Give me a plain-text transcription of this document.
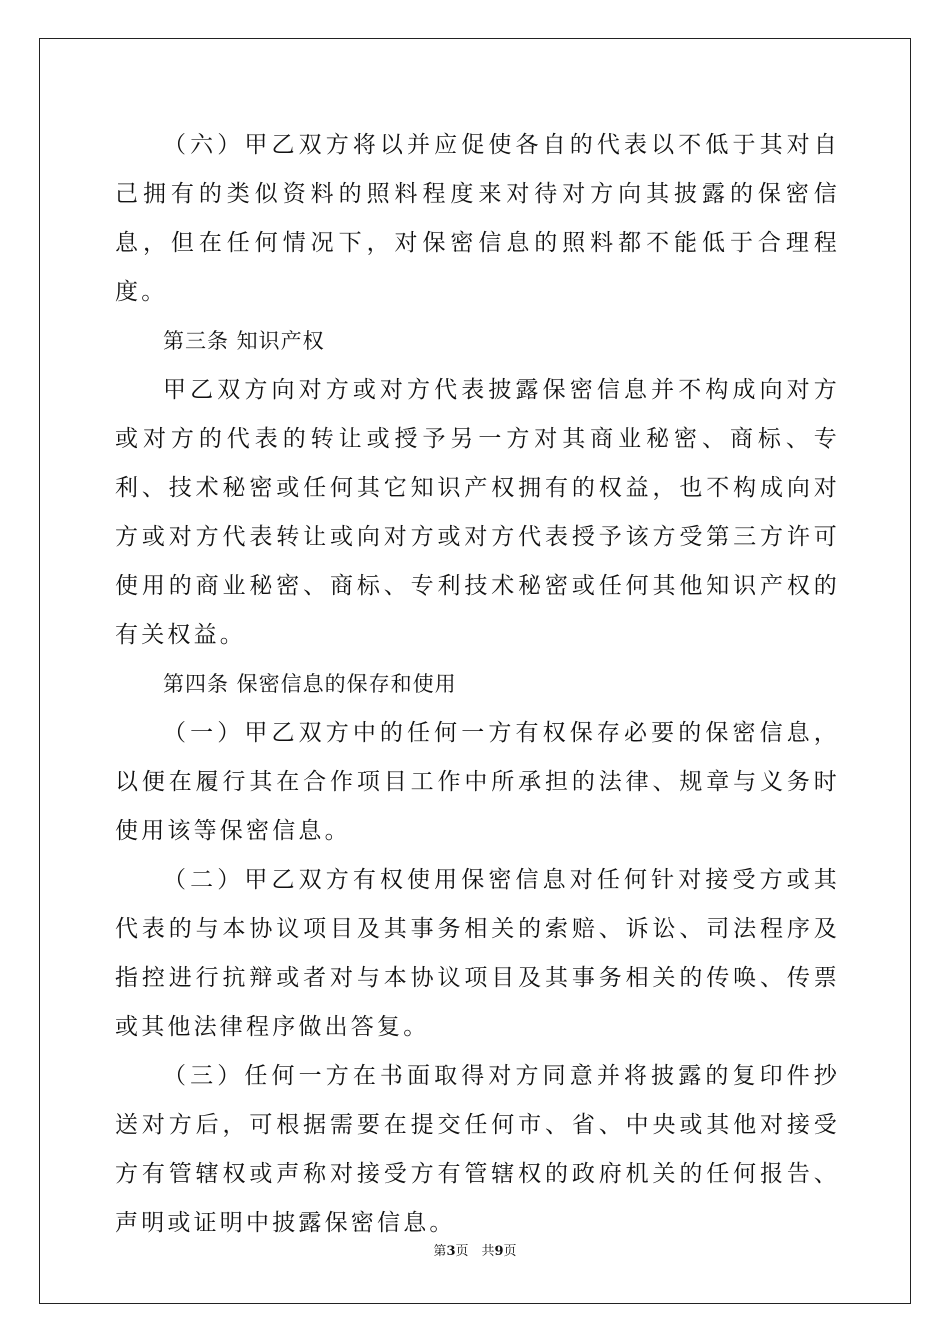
（六）甲乙双方将以并应促使各自的代表以不低于其对自己拥有的类似资料的照料程度来对待对方向其披露的保密信息，但在任何情况下，对保密信息的照料都不能低于合理程度。

第三条 知识产权

甲乙双方向对方或对方代表披露保密信息并不构成向对方或对方的代表的转让或授予另一方对其商业秘密、商标、专利、技术秘密或任何其它知识产权拥有的权益，也不构成向对方或对方代表转让或向对方或对方代表授予该方受第三方许可使用的商业秘密、商标、专利技术秘密或任何其他知识产权的有关权益。

第四条 保密信息的保存和使用

（一）甲乙双方中的任何一方有权保存必要的保密信息，以便在履行其在合作项目工作中所承担的法律、规章与义务时使用该等保密信息。

（二）甲乙双方有权使用保密信息对任何针对接受方或其代表的与本协议项目及其事务相关的索赔、诉讼、司法程序及指控进行抗辩或者对与本协议项目及其事务相关的传唤、传票或其他法律程序做出答复。

（三）任何一方在书面取得对方同意并将披露的复印件抄送对方后，可根据需要在提交任何市、省、中央或其他对接受方有管辖权或声称对接受方有管辖权的政府机关的任何报告、声明或证明中披露保密信息。

第3页　共9页
